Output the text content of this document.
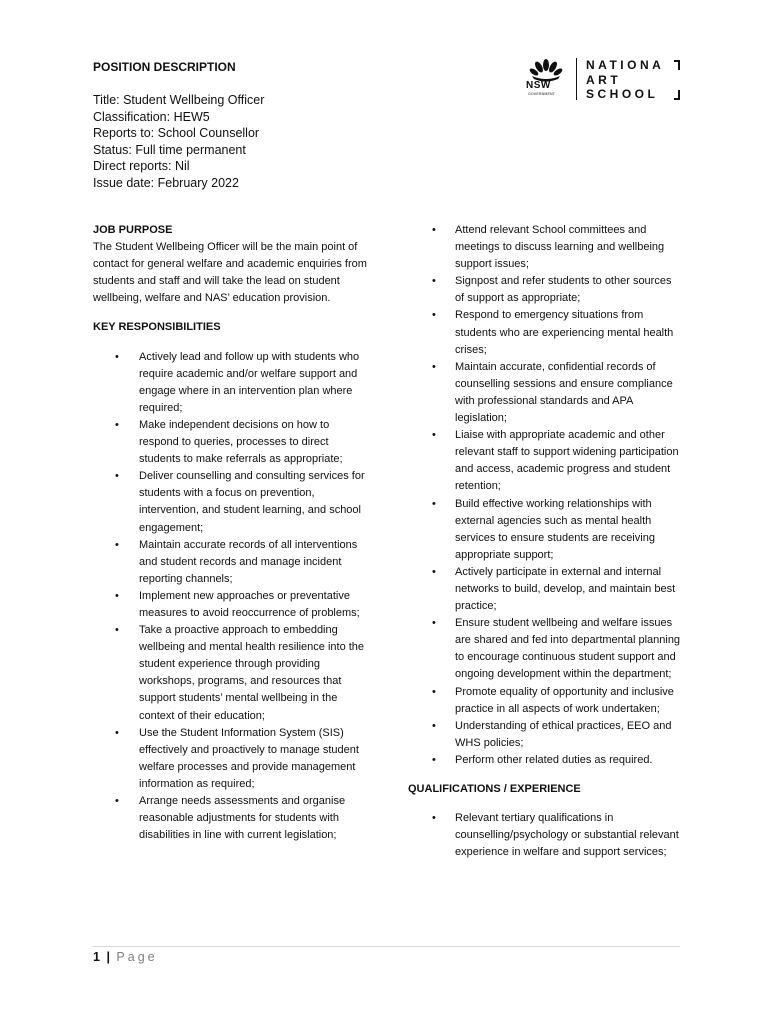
POSITION DESCRIPTION
Title: Student Wellbeing Officer
Classification: HEW5
Reports to: School Counsellor
Status: Full time permanent
Direct reports: Nil
Issue date: February 2022
NSW
GOVERNMENT
NATIONA
ART
SCHOOL

JOB PURPOSE

The Student Wellbeing Officer will be the main point of contact for general welfare and academic enquiries from students and staff and will take the lead on student wellbeing, welfare and NAS’ education provision.

KEY RESPONSIBILITIES

• Actively lead and follow up with students who require academic and/or welfare support and engage where in an intervention plan where required;
• Make independent decisions on how to respond to queries, processes to direct students to make referrals as appropriate;
• Deliver counselling and consulting services for students with a focus on prevention, intervention, and student learning, and school engagement;
• Maintain accurate records of all interventions and student records and manage incident reporting channels;
• Implement new approaches or preventative measures to avoid reoccurrence of problems;
• Take a proactive approach to embedding wellbeing and mental health resilience into the student experience through providing workshops, programs, and resources that support students’ mental wellbeing in the context of their education;
• Use the Student Information System (SIS) effectively and proactively to manage student welfare processes and provide management information as required;
• Arrange needs assessments and organise reasonable adjustments for students with disabilities in line with current legislation;
• Attend relevant School committees and meetings to discuss learning and wellbeing support issues;
• Signpost and refer students to other sources of support as appropriate;
• Respond to emergency situations from students who are experiencing mental health crises;
• Maintain accurate, confidential records of counselling sessions and ensure compliance with professional standards and APA legislation;
• Liaise with appropriate academic and other relevant staff to support widening participation and access, academic progress and student retention;
• Build effective working relationships with external agencies such as mental health services to ensure students are receiving appropriate support;
• Actively participate in external and internal networks to build, develop, and maintain best practice;
• Ensure student wellbeing and welfare issues are shared and fed into departmental planning to encourage continuous student support and ongoing development within the department;
• Promote equality of opportunity and inclusive practice in all aspects of work undertaken;
• Understanding of ethical practices, EEO and WHS policies;
• Perform other related duties as required.

QUALIFICATIONS / EXPERIENCE

• Relevant tertiary qualifications in counselling/psychology or substantial relevant experience in welfare and support services;
1 | Page
